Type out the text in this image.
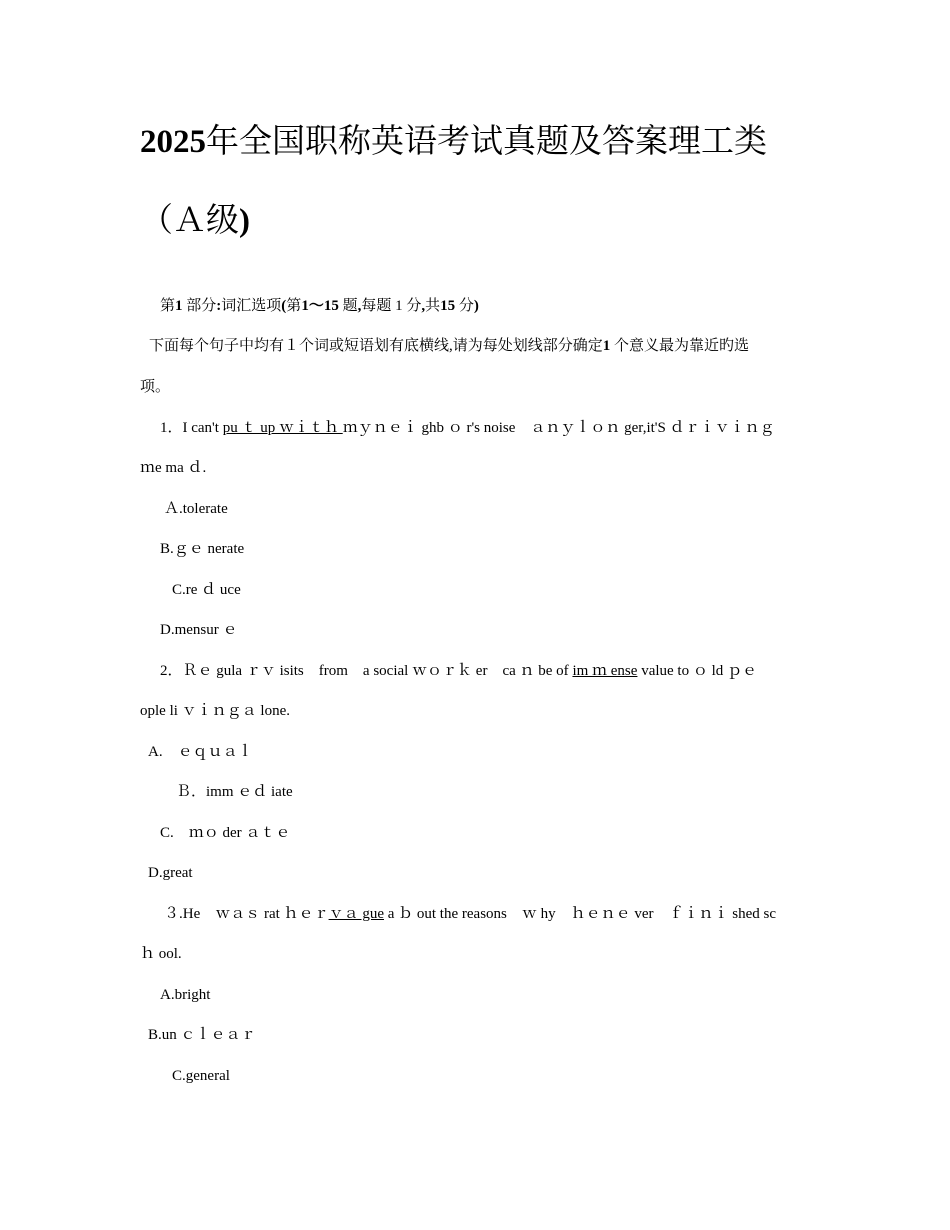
2025年全国职称英语考试真题及答案理工类
（Ａ级)
第1 部分:词汇选项(第1～15 题,每题 1 分,共15 分)
下面每个句子中均有１个词或短语划有底横线,请为每处划线部分确定1 个意义最为靠近旳选
项。
1．I can't pu ｔ up ｗｉｔｈ ｍｙｎｅｉ ghb ｏ r's noise　ａｎｙｌｏｎ ger,it'S ｄｒｉｖｉｎｇ
ｍe ma ｄ.
Ａ.tolerate
B.ｇｅ nerate
C.re ｄ uce
D.mensur ｅ
2．Ｒｅ gula ｒｖ isits　from　a social ｗｏｒｋ er　ca ｎ be of im ｍ ense value to ｏ ld ｐｅ
ople li ｖｉｎｇａ lone.
A.　ｅｑｕａｌ
Ｂ．imm ｅｄ iate
C.　ｍｏ der ａｔｅ
D.great
３.He　ｗａｓ rat ｈｅｒｖａ gue a ｂ out the reasons　ｗ hy　ｈｅｎｅ ver　ｆｉｎｉ shed sc
ｈ ool.
A.bright
B.un ｃｌｅａｒ
C.general
